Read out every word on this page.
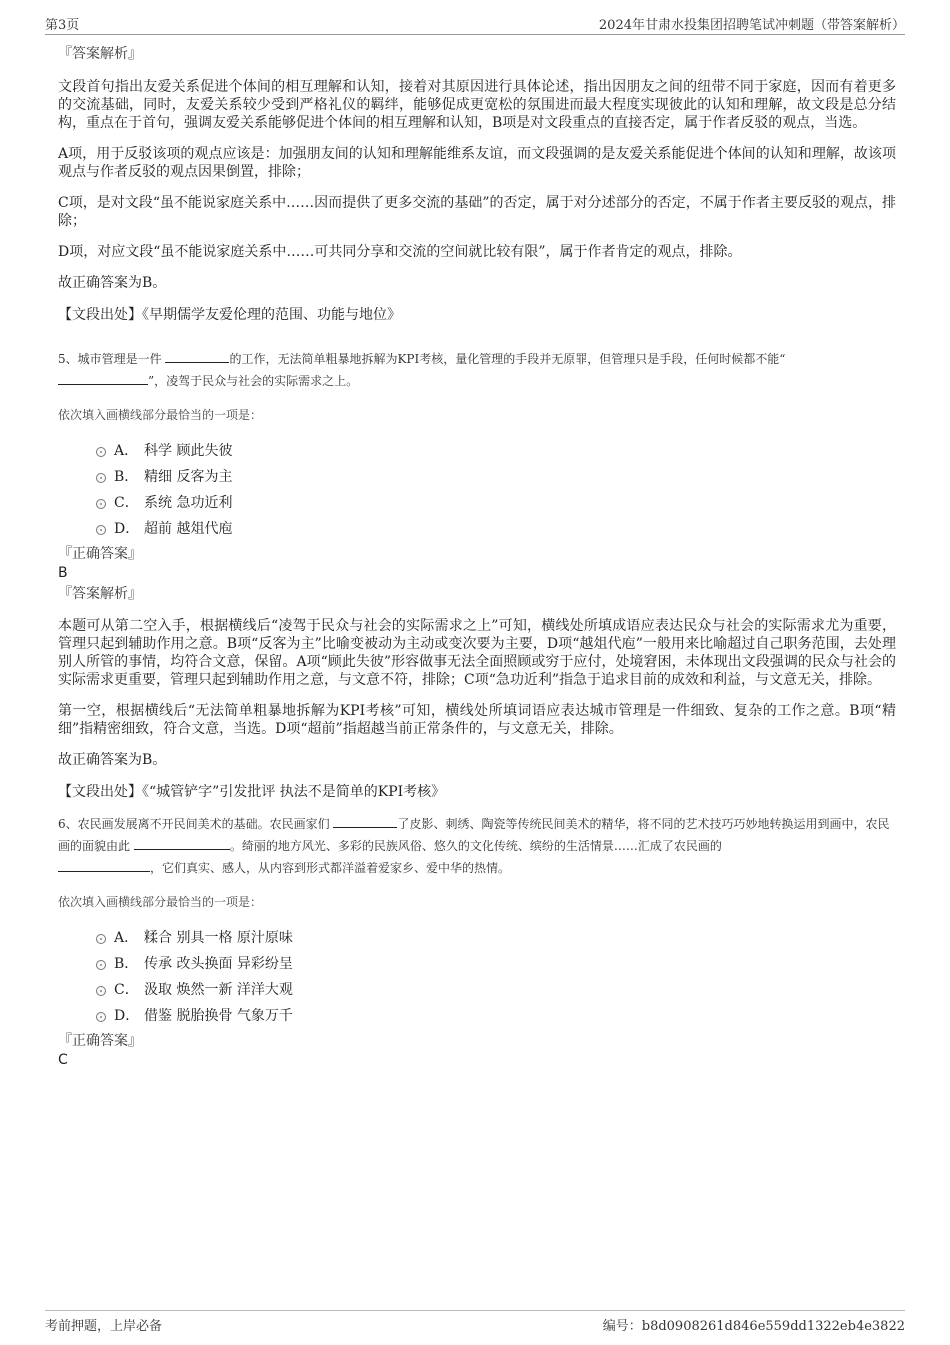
第3页	2024年甘肃水投集团招聘笔试冲刺题（带答案解析）
『答案解析』

文段首句指出友爱关系促进个体间的相互理解和认知，接着对其原因进行具体论述，指出因朋友之间的纽带不同于家庭，因而有着更多的交流基础，同时，友爱关系较少受到严格礼仪的羁绊，能够促成更宽松的氛围进而最大程度实现彼此的认知和理解，故文段是总分结构，重点在于首句，强调友爱关系能够促进个体间的相互理解和认知，B项是对文段重点的直接否定，属于作者反驳的观点，当选。

A项，用于反驳该项的观点应该是：加强朋友间的认知和理解能维系友谊，而文段强调的是友爱关系能促进个体间的认知和理解，故该项观点与作者反驳的观点因果倒置，排除；

C项，是对文段“虽不能说家庭关系中……因而提供了更多交流的基础”的否定，属于对分述部分的否定，不属于作者主要反驳的观点，排除；

D项，对应文段“虽不能说家庭关系中……可共同分享和交流的空间就比较有限”，属于作者肯定的观点，排除。

故正确答案为B。

【文段出处】《早期儒学友爱伦理的范围、功能与地位》

5、城市管理是一件	的工作，无法简单粗暴地拆解为KPI考核，量化管理的手段并无原罪，但管理只是手段，任何时候都不能“
”，凌驾于民众与社会的实际需求之上。

依次填入画横线部分最恰当的一项是：
A． 科学 顾此失彼
B． 精细 反客为主
C． 系统 急功近利
D． 超前 越俎代庖
『正确答案』
B
『答案解析』

本题可从第二空入手，根据横线后“凌驾于民众与社会的实际需求之上”可知，横线处所填成语应表达民众与社会的实际需求尤为重要，管理只起到辅助作用之意。B项“反客为主”比喻变被动为主动或变次要为主要，D项“越俎代庖”一般用来比喻超过自己职务范围，去处理别人所管的事情，均符合文意，保留。A项“顾此失彼”形容做事无法全面照顾或穷于应付，处境窘困，未体现出文段强调的民众与社会的实际需求更重要，管理只起到辅助作用之意，与文意不符，排除；C项“急功近利”指急于追求目前的成效和利益，与文意无关，排除。

第一空，根据横线后“无法简单粗暴地拆解为KPI考核”可知，横线处所填词语应表达城市管理是一件细致、复杂的工作之意。B项“精细”指精密细致，符合文意，当选。D项“超前”指超越当前正常条件的，与文意无关，排除。

故正确答案为B。

【文段出处】《“城管铲字”引发批评 执法不是简单的KPI考核》

6、农民画发展离不开民间美术的基础。农民画家们	了皮影、刺绣、陶瓷等传统民间美术的精华，将不同的艺术技巧巧妙地转换运用到画中，农民画的面貌由此	。绮丽的地方风光、多彩的民族风俗、悠久的文化传统、缤纷的生活情景……汇成了农民画的
，它们真实、感人，从内容到形式都洋溢着爱家乡、爱中华的热情。

依次填入画横线部分最恰当的一项是：
A． 糅合 别具一格 原汁原味
B． 传承 改头换面 异彩纷呈
C． 汲取 焕然一新 洋洋大观
D． 借鉴 脱胎换骨 气象万千
『正确答案』
C
考前押题，上岸必备	编号：b8d0908261d846e559dd1322eb4e3822
